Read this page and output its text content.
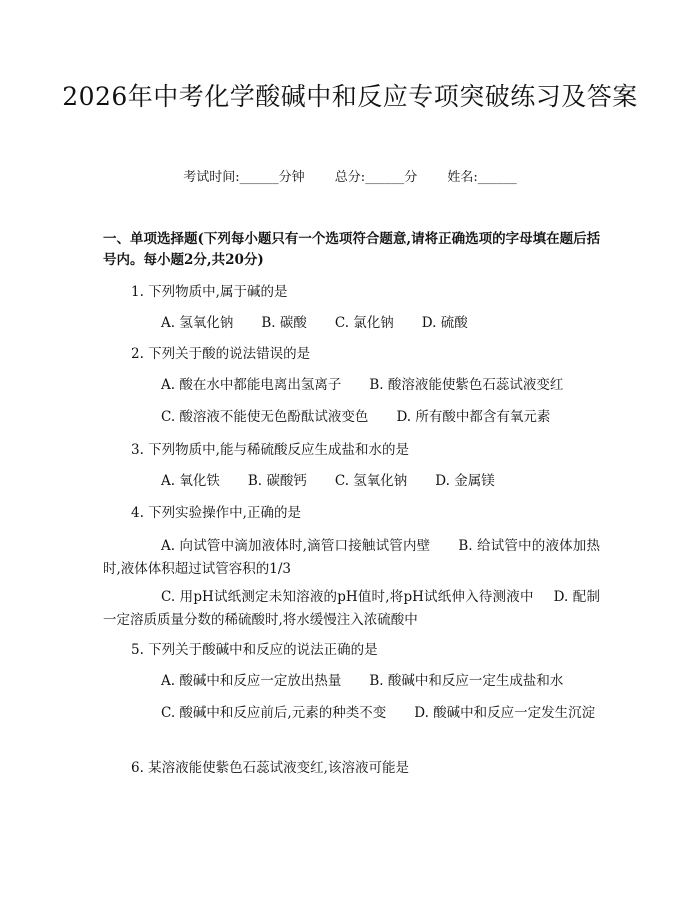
2026年中考化学酸碱中和反应专项突破练习及答案
考试时间:______分钟 总分:______分 姓名:______
一、单项选择题(下列每小题只有一个选项符合题意,请将正确选项的字母填在题后括号内。每小题2分,共20分)
1. 下列物质中,属于碱的是
A. 氢氧化钠 B. 碳酸 C. 氯化钠 D. 硫酸
2. 下列关于酸的说法错误的是
A. 酸在水中都能电离出氢离子 B. 酸溶液能使紫色石蕊试液变红
C. 酸溶液不能使无色酚酞试液变色 D. 所有酸中都含有氧元素
3. 下列物质中,能与稀硫酸反应生成盐和水的是
A. 氧化铁 B. 碳酸钙 C. 氢氧化钠 D. 金属镁
4. 下列实验操作中,正确的是
A. 向试管中滴加液体时,滴管口接触试管内壁 B. 给试管中的液体加热时,液体体积超过试管容积的1/3
C. 用pH试纸测定未知溶液的pH值时,将pH试纸伸入待测液中 D. 配制一定溶质质量分数的稀硫酸时,将水缓慢注入浓硫酸中
5. 下列关于酸碱中和反应的说法正确的是
A. 酸碱中和反应一定放出热量 B. 酸碱中和反应一定生成盐和水
C. 酸碱中和反应前后,元素的种类不变 D. 酸碱中和反应一定发生沉淀
6. 某溶液能使紫色石蕊试液变红,该溶液可能是
